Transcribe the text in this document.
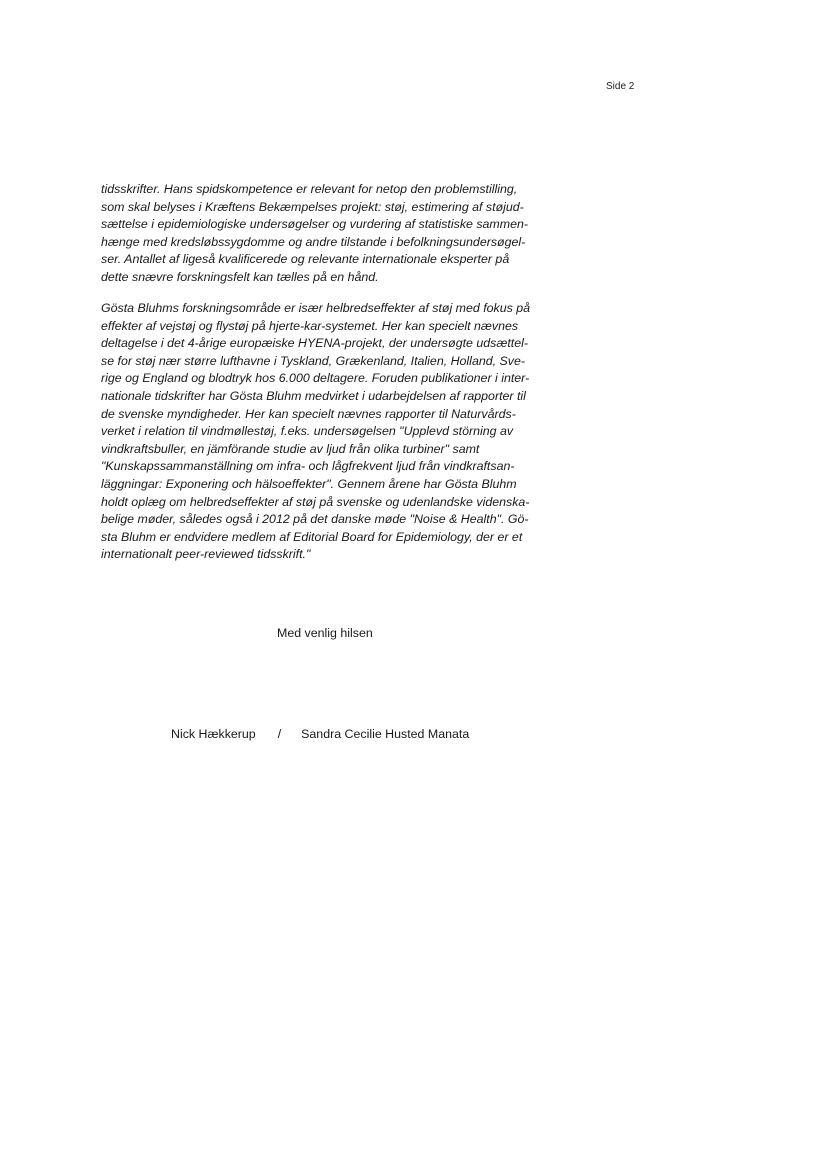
Side 2
tidsskrifter. Hans spidskompetence er relevant for netop den problemstilling,
som skal belyses i Kræftens Bekæmpelses projekt: støj, estimering af støjud-
sættelse i epidemiologiske undersøgelser og vurdering af statistiske sammen-
hænge med kredsløbssygdomme og andre tilstande i befolkningsundersøgel-
ser. Antallet af ligeså kvalificerede og relevante internationale eksperter på
dette snævre forskningsfelt kan tælles på en hånd.
Gösta Bluhms forskningsområde er især helbredseffekter af støj med fokus på
effekter af vejstøj og flystøj på hjerte-kar-systemet. Her kan specielt nævnes
deltagelse i det 4-årige europæiske HYENA-projekt, der undersøgte udsættel-
se for støj nær større lufthavne i Tyskland, Grækenland, Italien, Holland, Sve-
rige og England og blodtryk hos 6.000 deltagere. Foruden publikationer i inter-
nationale tidskrifter har Gösta Bluhm medvirket i udarbejdelsen af rapporter til
de svenske myndigheder. Her kan specielt nævnes rapporter til Naturvårds-
verket i relation til vindmøllestøj, f.eks. undersøgelsen "Upplevd störning av
vindkraftsbuller, en jämförande studie av ljud från olika turbiner" samt
"Kunskapssammanställning om infra- och lågfrekvent ljud från vindkraftsan-
läggningar: Exponering och hälsoeffekter". Gennem årene har Gösta Bluhm
holdt oplæg om helbredseffekter af støj på svenske og udenlandske videnska-
belige møder, således også i 2012 på det danske møde "Noise & Health". Gö-
sta Bluhm er endvidere medlem af Editorial Board for Epidemiology, der er et
internationalt peer-reviewed tidsskrift."
Med venlig hilsen
Nick Hækkerup / Sandra Cecilie Husted Manata
